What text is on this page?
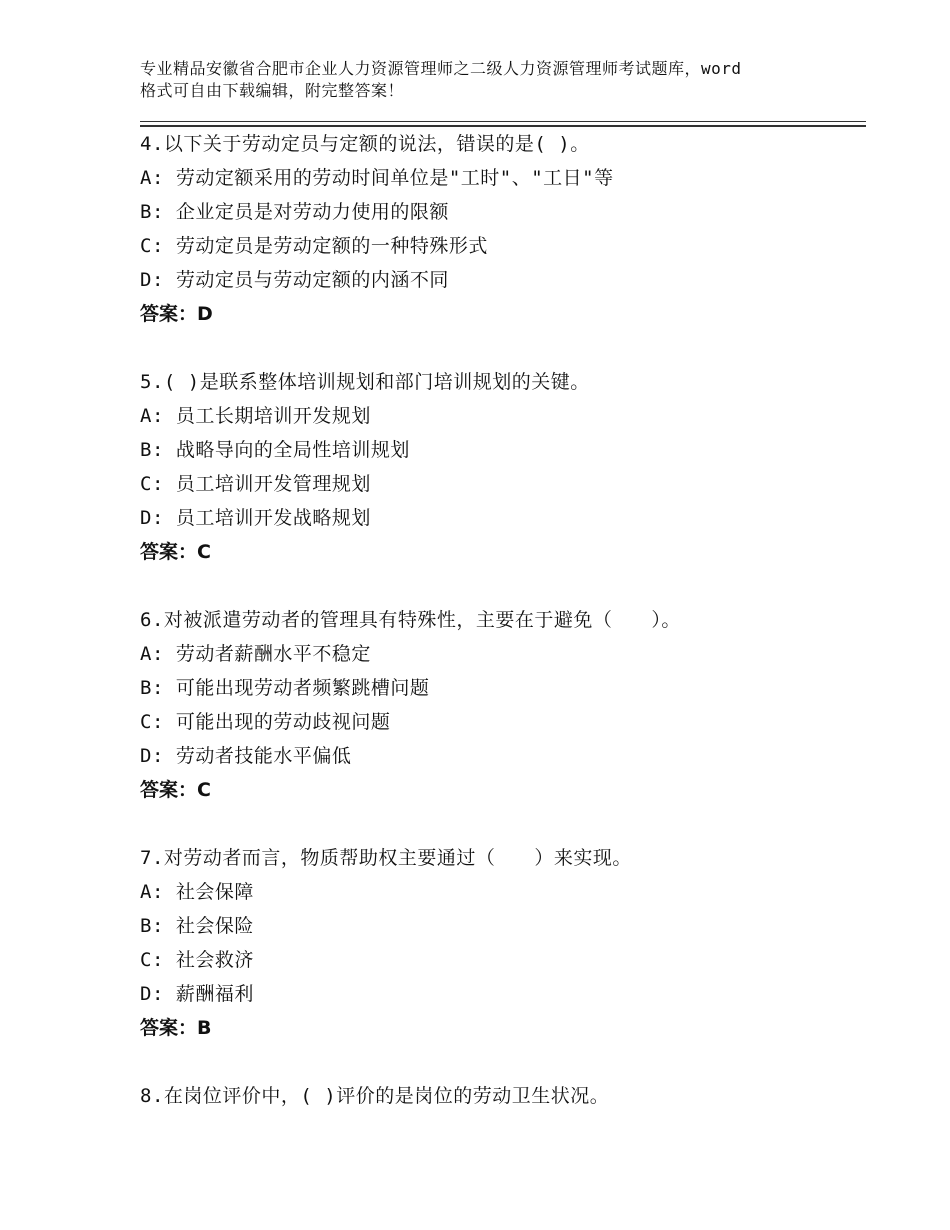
专业精品安徽省合肥市企业人力资源管理师之二级人力资源管理师考试题库，word
格式可自由下载编辑，附完整答案！
4.以下关于劳动定员与定额的说法，错误的是( )。
A: 劳动定额采用的劳动时间单位是"工时"、"工日"等
B: 企业定员是对劳动力使用的限额
C: 劳动定员是劳动定额的一种特殊形式
D: 劳动定员与劳动定额的内涵不同
答案：D
5.( )是联系整体培训规划和部门培训规划的关键。
A: 员工长期培训开发规划
B: 战略导向的全局性培训规划
C: 员工培训开发管理规划
D: 员工培训开发战略规划
答案：C
6.对被派遣劳动者的管理具有特殊性，主要在于避免（　　）。
A: 劳动者薪酬水平不稳定
B: 可能出现劳动者频繁跳槽问题
C: 可能出现的劳动歧视问题
D: 劳动者技能水平偏低
答案：C
7.对劳动者而言，物质帮助权主要通过（　　）来实现。
A: 社会保障
B: 社会保险
C: 社会救济
D: 薪酬福利
答案：B
8.在岗位评价中，( )评价的是岗位的劳动卫生状况。
